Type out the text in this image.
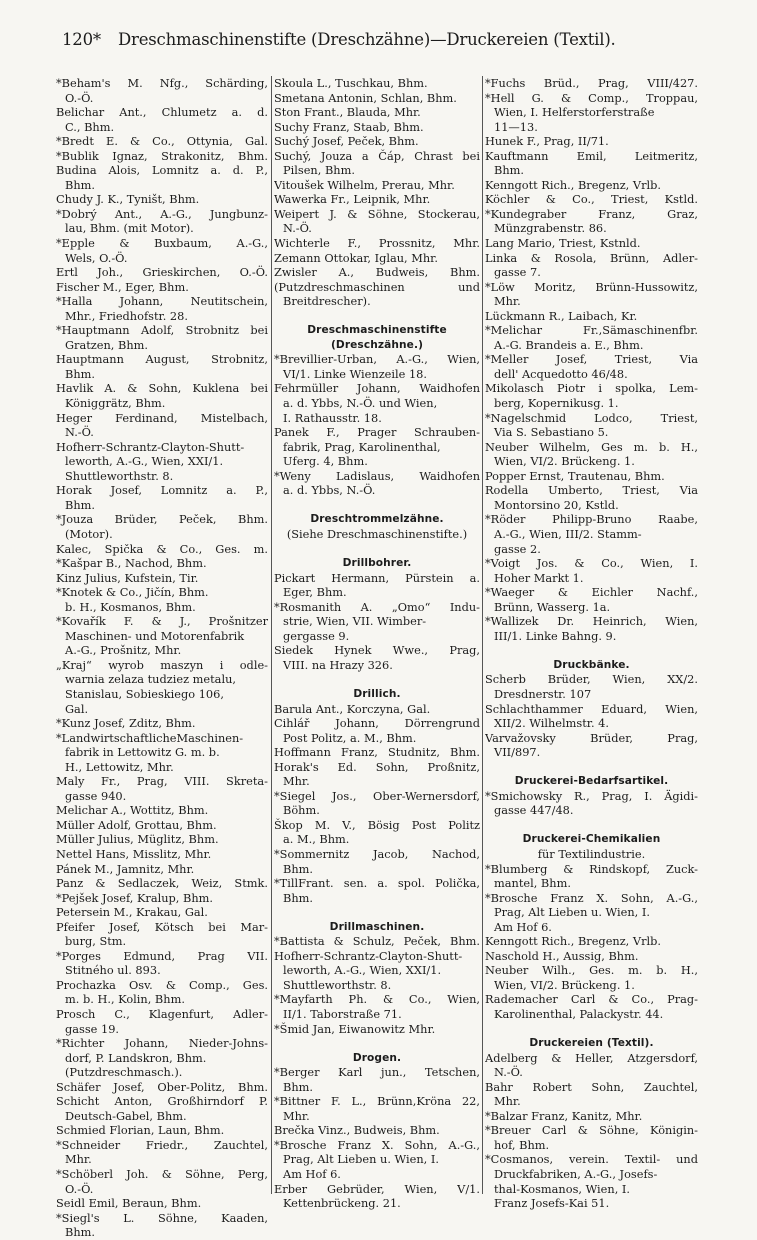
120* Dreschmaschinenstifte (Dreschzähne)—Druckereien (Textil).
*Beham's M. Nfg., Schärding,
O.-Ö.
Belichar Ant., Chlumetz a. d.
C., Bhm.
*Bredt E. & Co., Ottynia, Gal.
*Bublik Ignaz, Strakonitz, Bhm.
Budina Alois, Lomnitz a. d. P.,
Bhm.
Chudy J. K., Tyništ, Bhm.
*Dobrý Ant., A.-G., Jungbunz-
lau, Bhm. (mit Motor).
*Epple & Buxbaum, A.-G.,
Wels, O.-Ö.
Ertl Joh., Grieskirchen, O.-Ö.
Fischer M., Eger, Bhm.
*Halla Johann, Neutitschein,
Mhr., Friedhofstr. 28.
*Hauptmann Adolf, Strobnitz bei
Gratzen, Bhm.
Hauptmann August, Strobnitz,
Bhm.
Havlik A. & Sohn, Kuklena bei
Königgrätz, Bhm.
Heger Ferdinand, Mistelbach,
N.-Ö.
Hofherr-Schrantz-Clayton-Shutt-
leworth, A.-G., Wien, XXI/1.
Shuttleworthstr. 8.
Horak Josef, Lomnitz a. P.,
Bhm.
*Jouza Brüder, Peček, Bhm.
(Motor).
Kalec, Spička & Co., Ges. m.
*Kašpar B., Nachod, Bhm.
Kinz Julius, Kufstein, Tir.
*Knotek & Co., Jičín, Bhm.
b. H., Kosmanos, Bhm.
*Kovařík F. & J., Prošnitzer
Maschinen- und Motorenfabrik
A.-G., Prošnitz, Mhr.
„Kraj“ wyrob maszyn i odle-
warnia zelaza tudziez metalu,
Stanislau, Sobieskiego 106,
Gal.
*Kunz Josef, Zditz, Bhm.
*LandwirtschaftlicheMaschinen-
fabrik in Lettowitz G. m. b.
H., Lettowitz, Mhr.
Maly Fr., Prag, VIII. Skreta-
gasse 940.
Melichar A., Wottitz, Bhm.
Müller Adolf, Grottau, Bhm.
Müller Julius, Müglitz, Bhm.
Nettel Hans, Misslitz, Mhr.
Pánek M., Jamnitz, Mhr.
Panz & Sedlaczek, Weiz, Stmk.
*Pejšek Josef, Kralup, Bhm.
Petersein M., Krakau, Gal.
Pfeifer Josef, Kötsch bei Mar-
burg, Stm.
*Porges Edmund, Prag VII.
Stitného ul. 893.
Prochazka Osv. & Comp., Ges.
m. b. H., Kolin, Bhm.
Prosch C., Klagenfurt, Adler-
gasse 19.
*Richter Johann, Nieder-Johns-
dorf, P. Landskron, Bhm.
(Putzdreschmasch.).
Schäfer Josef, Ober-Politz, Bhm.
Schicht Anton, Großhirndorf P.
Deutsch-Gabel, Bhm.
Schmied Florian, Laun, Bhm.
*Schneider Friedr., Zauchtel,
Mhr.
*Schöberl Joh. & Söhne, Perg,
O.-Ö.
Seidl Emil, Beraun, Bhm.
*Siegl's L. Söhne, Kaaden,
Bhm.
Skoula L., Tuschkau, Bhm.
Smetana Antonin, Schlan, Bhm.
Ston Frant., Blauda, Mhr.
Suchy Franz, Staab, Bhm.
Suchý Josef, Peček, Bhm.
Suchý, Jouza a Čáp, Chrast bei
Pilsen, Bhm.
Vitoušek Wilhelm, Prerau, Mhr.
Wawerka Fr., Leipnik, Mhr.
Weipert J. & Söhne, Stockerau,
N.-Ö.
Wichterle F., Prossnitz, Mhr.
Zemann Ottokar, Iglau, Mhr.
Zwisler A., Budweis, Bhm.
(Putzdreschmaschinen und
Breitdrescher).
Dreschmaschinenstifte
(Dreschzähne.)
*Brevillier-Urban, A.-G., Wien,
VI/1. Linke Wienzeile 18.
Fehrmüller Johann, Waidhofen
a. d. Ybbs, N.-Ö. und Wien,
I. Rathausstr. 18.
Panek F., Prager Schrauben-
fabrik, Prag, Karolinenthal,
Uferg. 4, Bhm.
*Weny Ladislaus, Waidhofen
a. d. Ybbs, N.-Ö.
Dreschtrommelzähne.
(Siehe Dreschmaschinenstifte.)
Drillbohrer.
Pickart Hermann, Pürstein a.
Eger, Bhm.
*Rosmanith A. „Omo“ Indu-
strie, Wien, VII. Wimber-
gergasse 9.
Siedek Hynek Wwe., Prag,
VIII. na Hrazy 326.
Drillich.
Barula Ant., Korczyna, Gal.
Cihlář Johann, Dörrengrund
Post Politz, a. M., Bhm.
Hoffmann Franz, Studnitz, Bhm.
Horak's Ed. Sohn, Proßnitz,
Mhr.
*Siegel Jos., Ober-Wernersdorf,
Böhm.
Škop M. V., Bösig Post Politz
a. M., Bhm.
*Sommernitz Jacob, Nachod,
Bhm.
*TillFrant. sen. a. spol. Polička,
Bhm.
Drillmaschinen.
*Battista & Schulz, Peček, Bhm.
Hofherr-Schrantz-Clayton-Shutt-
leworth, A.-G., Wien, XXI/1.
Shuttleworthstr. 8.
*Mayfarth Ph. & Co., Wien,
II/1. Taborstraße 71.
*Šmid Jan, Eiwanowitz Mhr.
Drogen.
*Berger Karl jun., Tetschen,
Bhm.
*Bittner F. L., Brünn,Kröna 22,
Mhr.
Brečka Vinz., Budweis, Bhm.
*Brosche Franz X. Sohn, A.-G.,
Prag, Alt Lieben u. Wien, I.
Am Hof 6.
Erber Gebrüder, Wien, V/1.
Kettenbrückeng. 21.
*Fuchs Brüd., Prag, VIII/427.
*Hell G. & Comp., Troppau,
Wien, I. Helferstorferstraße
11—13.
Hunek F., Prag, II/71.
Kauftmann Emil, Leitmeritz,
Bhm.
Kenngott Rich., Bregenz, Vrlb.
Köchler & Co., Triest, Kstld.
*Kundegraber Franz, Graz,
Münzgrabenstr. 86.
Lang Mario, Triest, Kstnld.
Linka & Rosola, Brünn, Adler-
gasse 7.
*Löw Moritz, Brünn-Hussowitz,
Mhr.
Lückmann R., Laibach, Kr.
*Melichar Fr.,Sämaschinenfbr.
A.-G. Brandeis a. E., Bhm.
*Meller Josef, Triest, Via
dell' Acquedotto 46/48.
Mikolasch Piotr i spolka, Lem-
berg, Kopernikusg. 1.
*Nagelschmid Lodco, Triest,
Via S. Sebastiano 5.
Neuber Wilhelm, Ges m. b. H.,
Wien, VI/2. Brückeng. 1.
Popper Ernst, Trautenau, Bhm.
Rodella Umberto, Triest, Via
Montorsino 20, Kstld.
*Röder Philipp-Bruno Raabe,
A.-G., Wien, III/2. Stamm-
gasse 2.
*Voigt Jos. & Co., Wien, I.
Hoher Markt 1.
*Waeger & Eichler Nachf.,
Brünn, Wasserg. 1a.
*Wallizek Dr. Heinrich, Wien,
III/1. Linke Bahng. 9.
Druckbänke.
Scherb Brüder, Wien, XX/2.
Dresdnerstr. 107
Schlachthammer Eduard, Wien,
XII/2. Wilhelmstr. 4.
Varvažovsky Brüder, Prag,
VII/897.
Druckerei-Bedarfsartikel.
*Smichowsky R., Prag, I. Ägidi-
gasse 447/48.
Druckerei-Chemikalien
für Textilindustrie.
*Blumberg & Rindskopf, Zuck-
mantel, Bhm.
*Brosche Franz X. Sohn, A.-G.,
Prag, Alt Lieben u. Wien, I.
Am Hof 6.
Kenngott Rich., Bregenz, Vrlb.
Naschold H., Aussig, Bhm.
Neuber Wilh., Ges. m. b. H.,
Wien, VI/2. Brückeng. 1.
Rademacher Carl & Co., Prag-
Karolinenthal, Palackystr. 44.
Druckereien (Textil).
Adelberg & Heller, Atzgersdorf,
N.-Ö.
Bahr Robert Sohn, Zauchtel,
Mhr.
*Balzar Franz, Kanitz, Mhr.
*Breuer Carl & Söhne, Königin-
hof, Bhm.
*Cosmanos, verein. Textil- und
Druckfabriken, A.-G., Josefs-
thal-Kosmanos, Wien, I.
Franz Josefs-Kai 51.
